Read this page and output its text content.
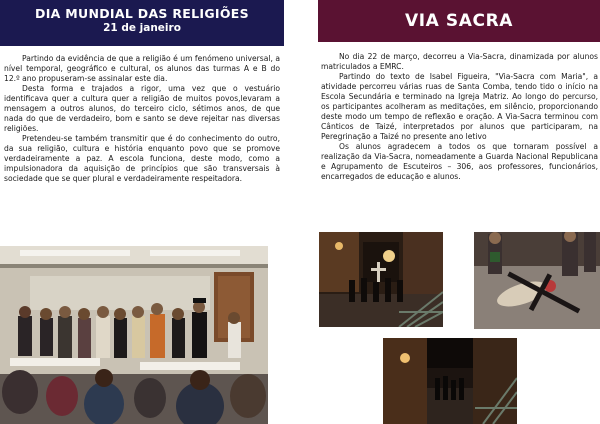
DIA MUNDIAL DAS RELIGIÕES
21 de janeiro	VIA SACRA

Partindo da evidência de que a religião é um fenómeno universal, a nível temporal, geográfico e cultural, os alunos das turmas A e B do 12.º ano propuseram-se assinalar este dia.

Desta forma e trajados a rigor, uma vez que o vestuário identificava quer a cultura quer a religião de muitos povos,levaram a mensagem a outros alunos, do terceiro ciclo, sétimos anos, de que nada do que de verdadeiro, bom e santo se deve rejeitar nas diversas religiões.

Pretendeu-se também transmitir que é do conhecimento do outro, da sua religião, cultura e história enquanto povo que se promove verdadeiramente a paz. A escola funciona, deste modo, como a impulsionadora da aquisição de princípios que são transversais à sociedade que se quer plural e verdadeiramente respeitadora.

No dia 22 de março, decorreu a Via-Sacra, dinamizada por alunos matriculados a EMRC.

Partindo do texto de Isabel Figueira, "Via-Sacra com Maria", a atividade percorreu várias ruas de Santa Comba, tendo tido o início na Escola Secundária e terminado na Igreja Matriz. Ao longo do percurso, os participantes acolheram as meditações, em silêncio, proporcionando deste modo um tempo de reflexão e oração. A Via-Sacra terminou com Cânticos de Taizé, interpretados por alunos que participaram, na Peregrinação a Taizé no presente ano letivo

Os alunos agradecem a todos os que tornaram possível a realização da Via-Sacra, nomeadamente a Guarda Nacional Republicana e Agrupamento de Escuteiros – 306, aos professores, funcionários, encarregados de educação e alunos.
